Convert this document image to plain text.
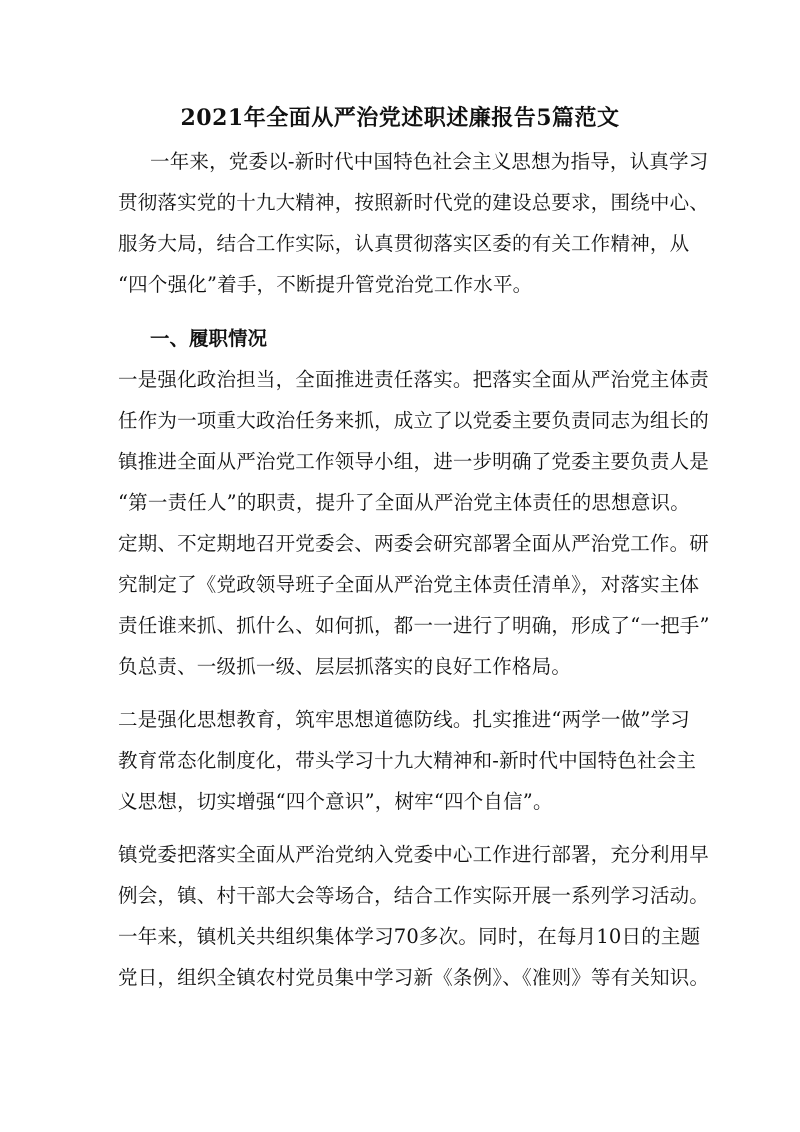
2021年全面从严治党述职述廉报告5篇范文
一年来，党委以-新时代中国特色社会主义思想为指导，认真学习
贯彻落实党的十九大精神，按照新时代党的建设总要求，围绕中心、
服务大局，结合工作实际，认真贯彻落实区委的有关工作精神，从
“四个强化”着手，不断提升管党治党工作水平。
一、履职情况
一是强化政治担当，全面推进责任落实。把落实全面从严治党主体责
任作为一项重大政治任务来抓，成立了以党委主要负责同志为组长的
镇推进全面从严治党工作领导小组，进一步明确了党委主要负责人是
“第一责任人”的职责，提升了全面从严治党主体责任的思想意识。
定期、不定期地召开党委会、两委会研究部署全面从严治党工作。研
究制定了《党政领导班子全面从严治党主体责任清单》，对落实主体
责任谁来抓、抓什么、如何抓，都一一进行了明确，形成了“一把手”
负总责、一级抓一级、层层抓落实的良好工作格局。
二是强化思想教育，筑牢思想道德防线。扎实推进“两学一做”学习
教育常态化制度化，带头学习十九大精神和-新时代中国特色社会主
义思想，切实增强“四个意识”，树牢“四个自信”。
镇党委把落实全面从严治党纳入党委中心工作进行部署，充分利用早
例会，镇、村干部大会等场合，结合工作实际开展一系列学习活动。
一年来，镇机关共组织集体学习70多次。同时，在每月10日的主题
党日，组织全镇农村党员集中学习新《条例》、《准则》等有关知识。
